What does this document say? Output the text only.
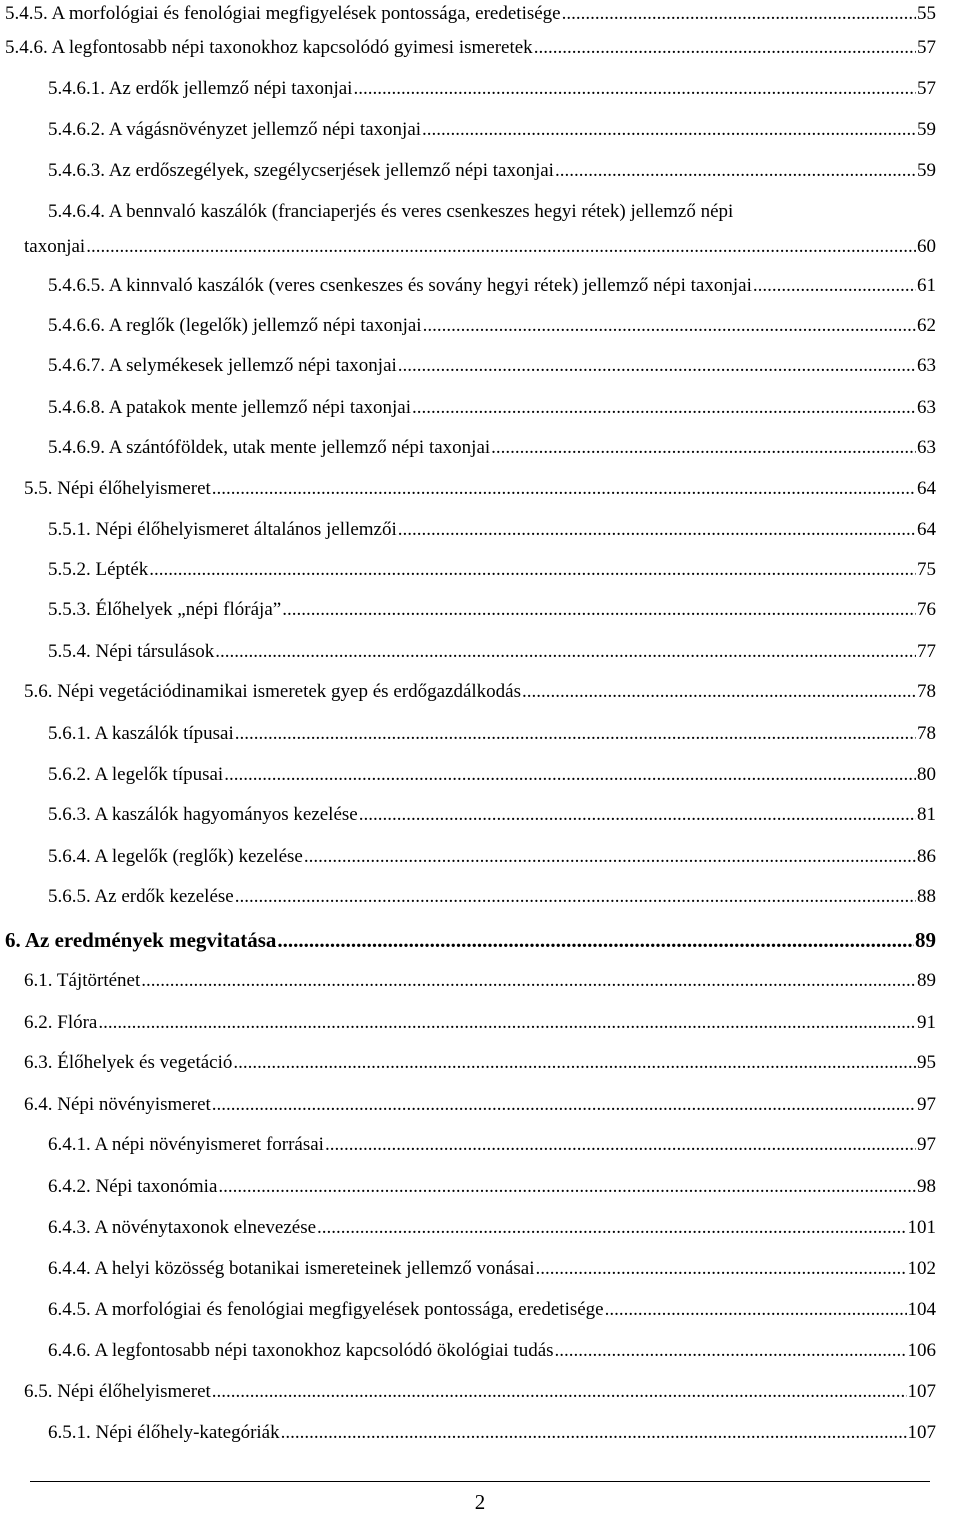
5.4.5. A morfológiai és fenológiai megfigyelések pontossága, eredetisége .....	55
5.4.6. A legfontosabb népi taxonokhoz kapcsolódó gyimesi ismeretek .....	57
5.4.6.1. Az erdők jellemző népi taxonjai .....	57
5.4.6.2. A vágásnövényzet jellemző népi taxonjai .....	59
5.4.6.3. Az erdőszegélyek, szegélycserjések jellemző népi taxonjai .....	59
5.4.6.4. A bennvaló kaszálók (franciaperjés és veres csenkeszes hegyi rétek) jellemző népi
taxonjai .....	60
5.4.6.5. A kinnvaló kaszálók (veres csenkeszes és sovány hegyi rétek) jellemző népi taxonjai .....	61
5.4.6.6. A reglők (legelők) jellemző népi taxonjai .....	62
5.4.6.7. A selymékesek jellemző népi taxonjai .....	63
5.4.6.8. A patakok mente jellemző népi taxonjai .....	63
5.4.6.9. A szántóföldek, utak mente jellemző népi taxonjai .....	63
5.5. Népi élőhelyismeret .....	64
5.5.1. Népi élőhelyismeret általános jellemzői .....	64
5.5.2. Lépték .....	75
5.5.3. Élőhelyek „népi flórája” .....	76
5.5.4. Népi társulások .....	77
5.6. Népi vegetációdinamikai ismeretek gyep és erdőgazdálkodás .....	78
5.6.1. A kaszálók típusai .....	78
5.6.2. A legelők típusai .....	80
5.6.3. A kaszálók hagyományos kezelése .....	81
5.6.4. A legelők (reglők) kezelése .....	86
5.6.5. Az erdők kezelése .....	88
6. Az eredmények megvitatása .....	89
6.1. Tájtörténet .....	89
6.2. Flóra .....	91
6.3. Élőhelyek és vegetáció .....	95
6.4. Népi növényismeret .....	97
6.4.1. A népi növényismeret forrásai .....	97
6.4.2. Népi taxonómia .....	98
6.4.3. A növénytaxonok elnevezése .....	101
6.4.4. A helyi közösség botanikai ismereteinek jellemző vonásai .....	102
6.4.5. A morfológiai és fenológiai megfigyelések pontossága, eredetisége .....	104
6.4.6. A legfontosabb népi taxonokhoz kapcsolódó ökológiai tudás .....	106
6.5. Népi élőhelyismeret .....	107
6.5.1. Népi élőhely-kategóriák .....	107
2
